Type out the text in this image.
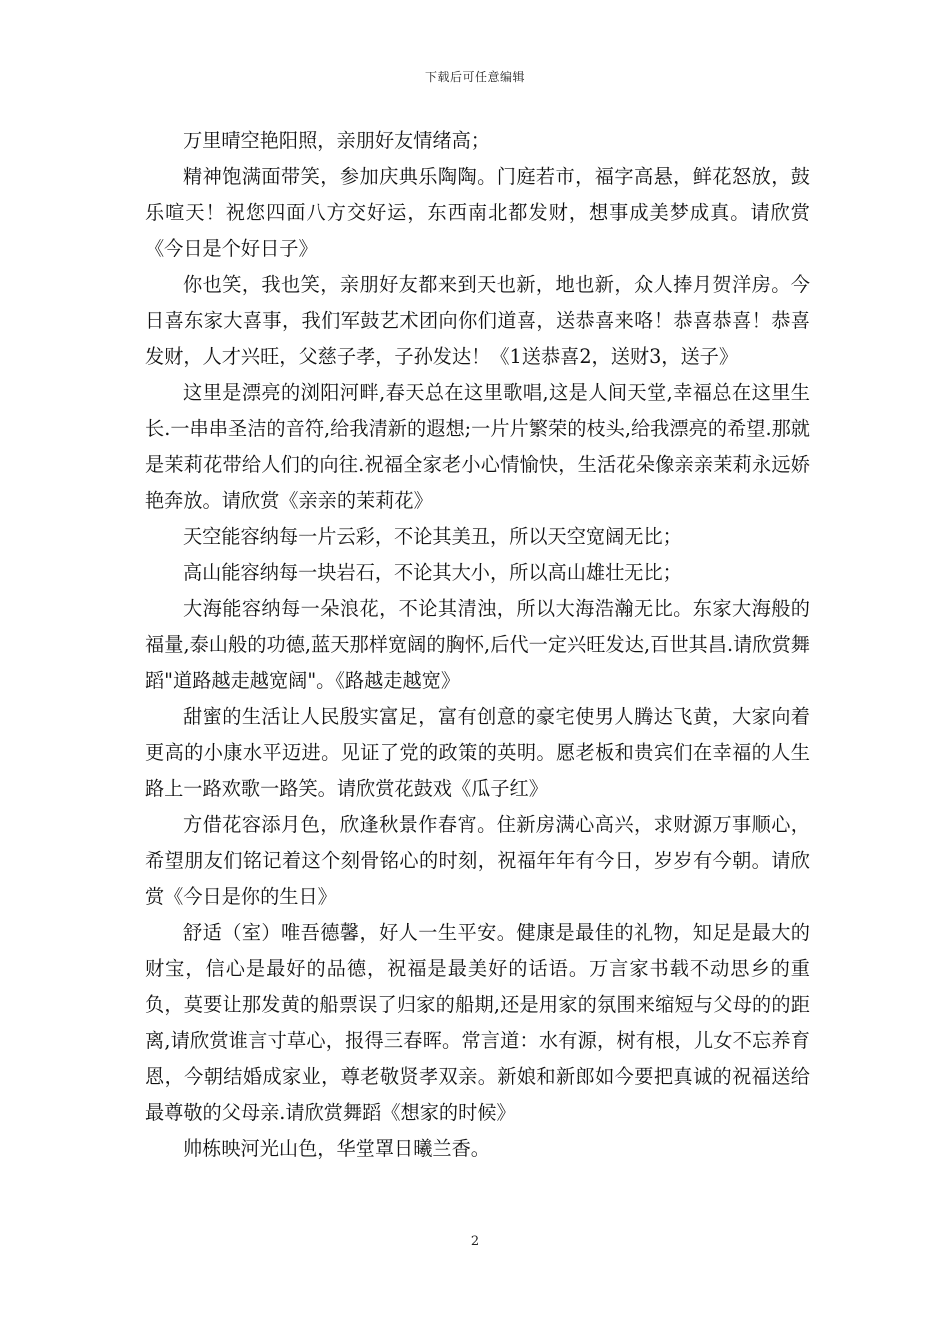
下载后可任意编辑

万里晴空艳阳照，亲朋好友情绪高；

精神饱满面带笑，参加庆典乐陶陶。门庭若市，福字高悬，鲜花怒放，鼓乐喧天！祝您四面八方交好运，东西南北都发财，想事成美梦成真。请欣赏《今日是个好日子》

你也笑，我也笑，亲朋好友都来到天也新，地也新，众人捧月贺洋房。今日喜东家大喜事，我们军鼓艺术团向你们道喜，送恭喜来咯！恭喜恭喜！恭喜发财，人才兴旺，父慈子孝，子孙发达！《1送恭喜2，送财3，送子》

这里是漂亮的浏阳河畔,春天总在这里歌唱,这是人间天堂,幸福总在这里生长.一串串圣洁的音符,给我清新的遐想;一片片繁荣的枝头,给我漂亮的希望.那就是茉莉花带给人们的向往.祝福全家老小心情愉快，生活花朵像亲亲茉莉永远娇艳奔放。请欣赏《亲亲的茉莉花》

天空能容纳每一片云彩，不论其美丑，所以天空宽阔无比；

高山能容纳每一块岩石，不论其大小，所以高山雄壮无比；

大海能容纳每一朵浪花，不论其清浊，所以大海浩瀚无比。东家大海般的福量,泰山般的功德,蓝天那样宽阔的胸怀,后代一定兴旺发达,百世其昌.请欣赏舞蹈"道路越走越宽阔"。《路越走越宽》

甜蜜的生活让人民殷实富足，富有创意的豪宅使男人腾达飞黄，大家向着更高的小康水平迈进。见证了党的政策的英明。愿老板和贵宾们在幸福的人生路上一路欢歌一路笑。请欣赏花鼓戏《瓜子红》

方借花容添月色，欣逢秋景作春宵。住新房满心高兴，求财源万事顺心，希望朋友们铭记着这个刻骨铭心的时刻，祝福年年有今日，岁岁有今朝。请欣赏《今日是你的生日》

舒适（室）唯吾德馨，好人一生平安。健康是最佳的礼物，知足是最大的财宝，信心是最好的品德，祝福是最美好的话语。万言家书载不动思乡的重负，莫要让那发黄的船票误了归家的船期,还是用家的氛围来缩短与父母的的距离,请欣赏谁言寸草心，报得三春晖。常言道：水有源，树有根，儿女不忘养育恩，今朝结婚成家业，尊老敬贤孝双亲。新娘和新郎如今要把真诚的祝福送给最尊敬的父母亲.请欣赏舞蹈《想家的时候》

帅栋映河光山色，华堂罩日曦兰香。

2
